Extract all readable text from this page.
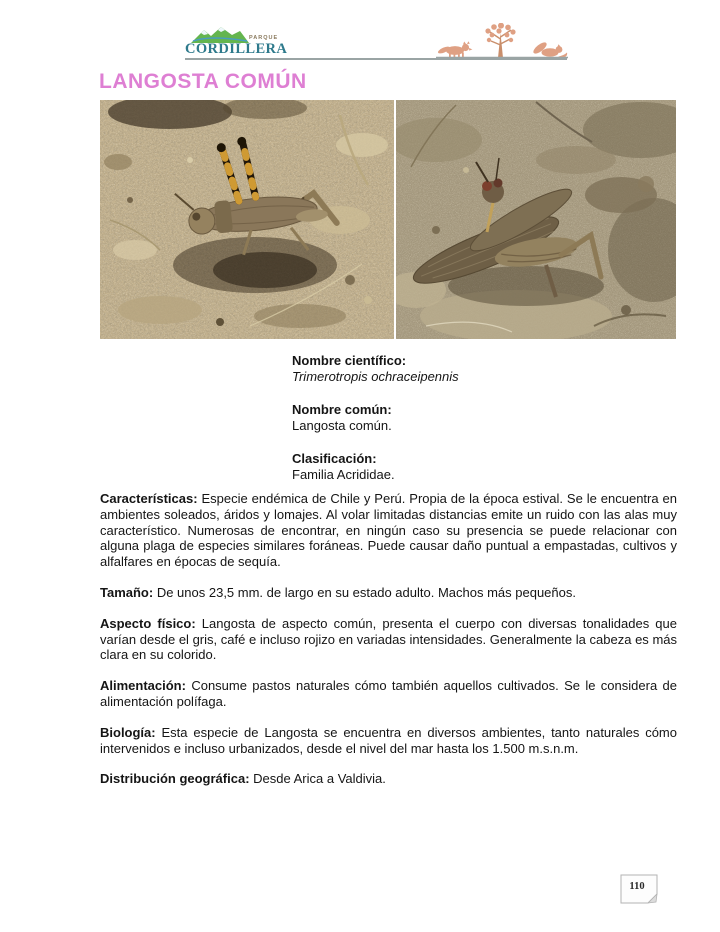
PARQUE
CORDILLERA
LANGOSTA COMÚN
Nombre científico:
Trimerotropis ochraceipennis
Nombre común:
Langosta común.
Clasificación:
Familia Acrididae.

Características: Especie endémica de Chile y Perú. Propia de la época estival. Se le encuentra en ambientes soleados, áridos y lomajes. Al volar limitadas distancias emite un ruido con las alas muy característico. Numerosas de encontrar, en ningún caso su presencia se puede relacionar con alguna plaga de especies similares foráneas. Puede causar daño puntual a empastadas, cultivos y alfalfares en épocas de sequía.

Tamaño: De unos 23,5 mm. de largo en su estado adulto. Machos más pequeños.

Aspecto físico: Langosta de aspecto común, presenta el cuerpo con diversas tonalidades que varían desde el gris, café e incluso rojizo en variadas intensidades. Generalmente la cabeza es más clara en su colorido.

Alimentación: Consume pastos naturales cómo también aquellos cultivados. Se le considera de alimentación polífaga.

Biología: Esta especie de Langosta se encuentra en diversos ambientes, tanto naturales cómo intervenidos e incluso urbanizados, desde el nivel del mar hasta los 1.500 m.s.n.m.

Distribución geográfica: Desde Arica a Valdivia.

110
